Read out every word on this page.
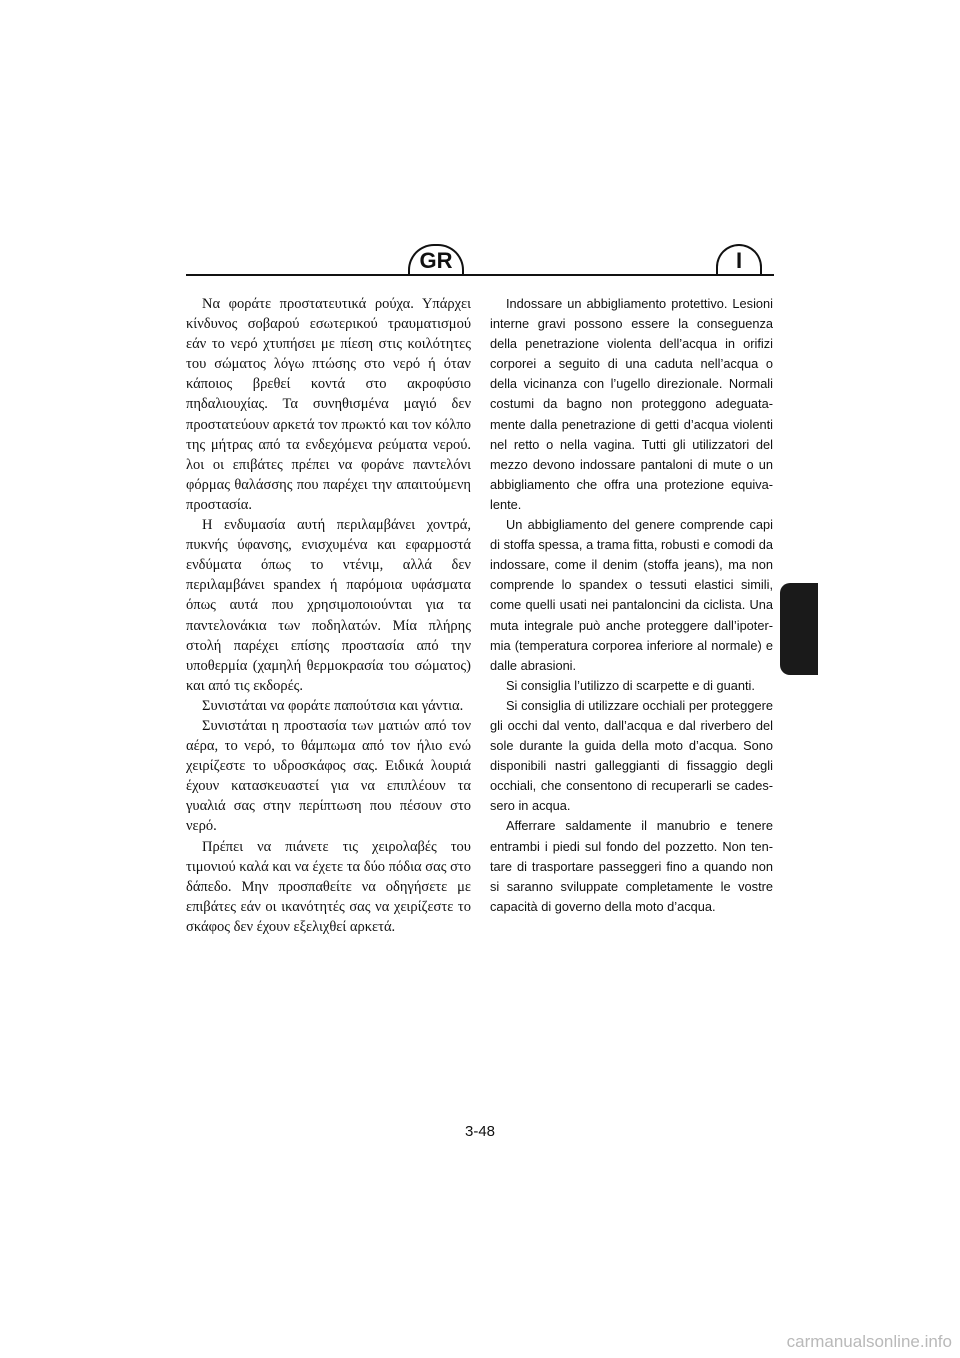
GR	I

Να φοράτε προστατευτικά ρούχα. Υπάρχει κίνδυνος σοβαρού εσωτερικού τραυματισμού εάν το νερό χτυπήσει με πίεση στις κοιλότητες του σώματος λόγω πτώσης στο νερό ή όταν κάποιος βρεθεί κοντά στο ακροφύσιο πηδαλιουχίας. Τα συνηθισμένα μαγιό δεν προστατεύουν αρκετά τον πρωκτό και τον κόλπο της μήτρας από τα ενδεχόμενα ρεύματα νερού. λοι οι επιβάτες πρέπει να φοράνε παντελόνι φόρμας θαλάσσης που παρέχει την απαιτούμενη προστασία.

Η ενδυμασία αυτή περιλαμβάνει χοντρά, πυκνής ύφανσης, ενισχυμένα και εφαρμοστά ενδύματα όπως το ντένιμ, αλλά δεν περιλαμβάνει spandex ή παρόμοια υφάσματα όπως αυτά που χρησιμοποιούνται για τα παντελονάκια των ποδηλατών. Μία πλήρης στολή παρέχει επίσης προστασία από την υποθερμία (χαμηλή θερμοκρασία του σώματος) και από τις εκδορές.

Συνιστάται να φοράτε παπούτσια και γάντια.

Συνιστάται η προστασία των ματιών από τον αέρα, το νερό, το θάμπωμα από τον ήλιο ενώ χειρίζεστε το υδροσκάφος σας. Ειδικά λουριά έχουν κατασκευαστεί για να επιπλέουν τα γυαλιά σας στην περίπτωση που πέσουν στο νερό.

Πρέπει να πιάνετε τις χειρολαβές του τιμονιού καλά και να έχετε τα δύο πόδια σας στο δάπεδο. Μην προσπαθείτε να οδηγήσετε με επιβάτες εάν οι ικανότητές σας να χειρίζεστε το σκάφος δεν έχουν εξελιχθεί αρκετά.

Indossare un abbigliamento protettivo. Lesioni interne gravi possono essere la conseguenza della penetrazione violenta dell’acqua in orifizi corporei a seguito di una caduta nell’acqua o della vicinanza con l’ugello direzionale. Normali costumi da bagno non proteggono adeguata-mente dalla penetrazione di getti d’acqua violenti nel retto o nella vagina. Tutti gli utilizzatori del mezzo devono indossare pantaloni di mute o un abbigliamento che offra una protezione equiva-lente.

Un abbigliamento del genere comprende capi di stoffa spessa, a trama fitta, robusti e comodi da indossare, come il denim (stoffa jeans), ma non comprende lo spandex o tessuti elastici simili, come quelli usati nei pantaloncini da ciclista. Una muta integrale può anche proteggere dall’ipoter-mia (temperatura corporea inferiore al normale) e dalle abrasioni.

Si consiglia l’utilizzo di scarpette e di guanti.

Si consiglia di utilizzare occhiali per proteggere gli occhi dal vento, dall’acqua e dal riverbero del sole durante la guida della moto d’acqua. Sono disponibili nastri galleggianti di fissaggio degli occhiali, che consentono di recuperarli se cades-sero in acqua.

Afferrare saldamente il manubrio e tenere entrambi i piedi sul fondo del pozzetto. Non ten-tare di trasportare passeggeri fino a quando non si saranno sviluppate completamente le vostre capacità di governo della moto d’acqua.

3-48
carmanualsonline.info
